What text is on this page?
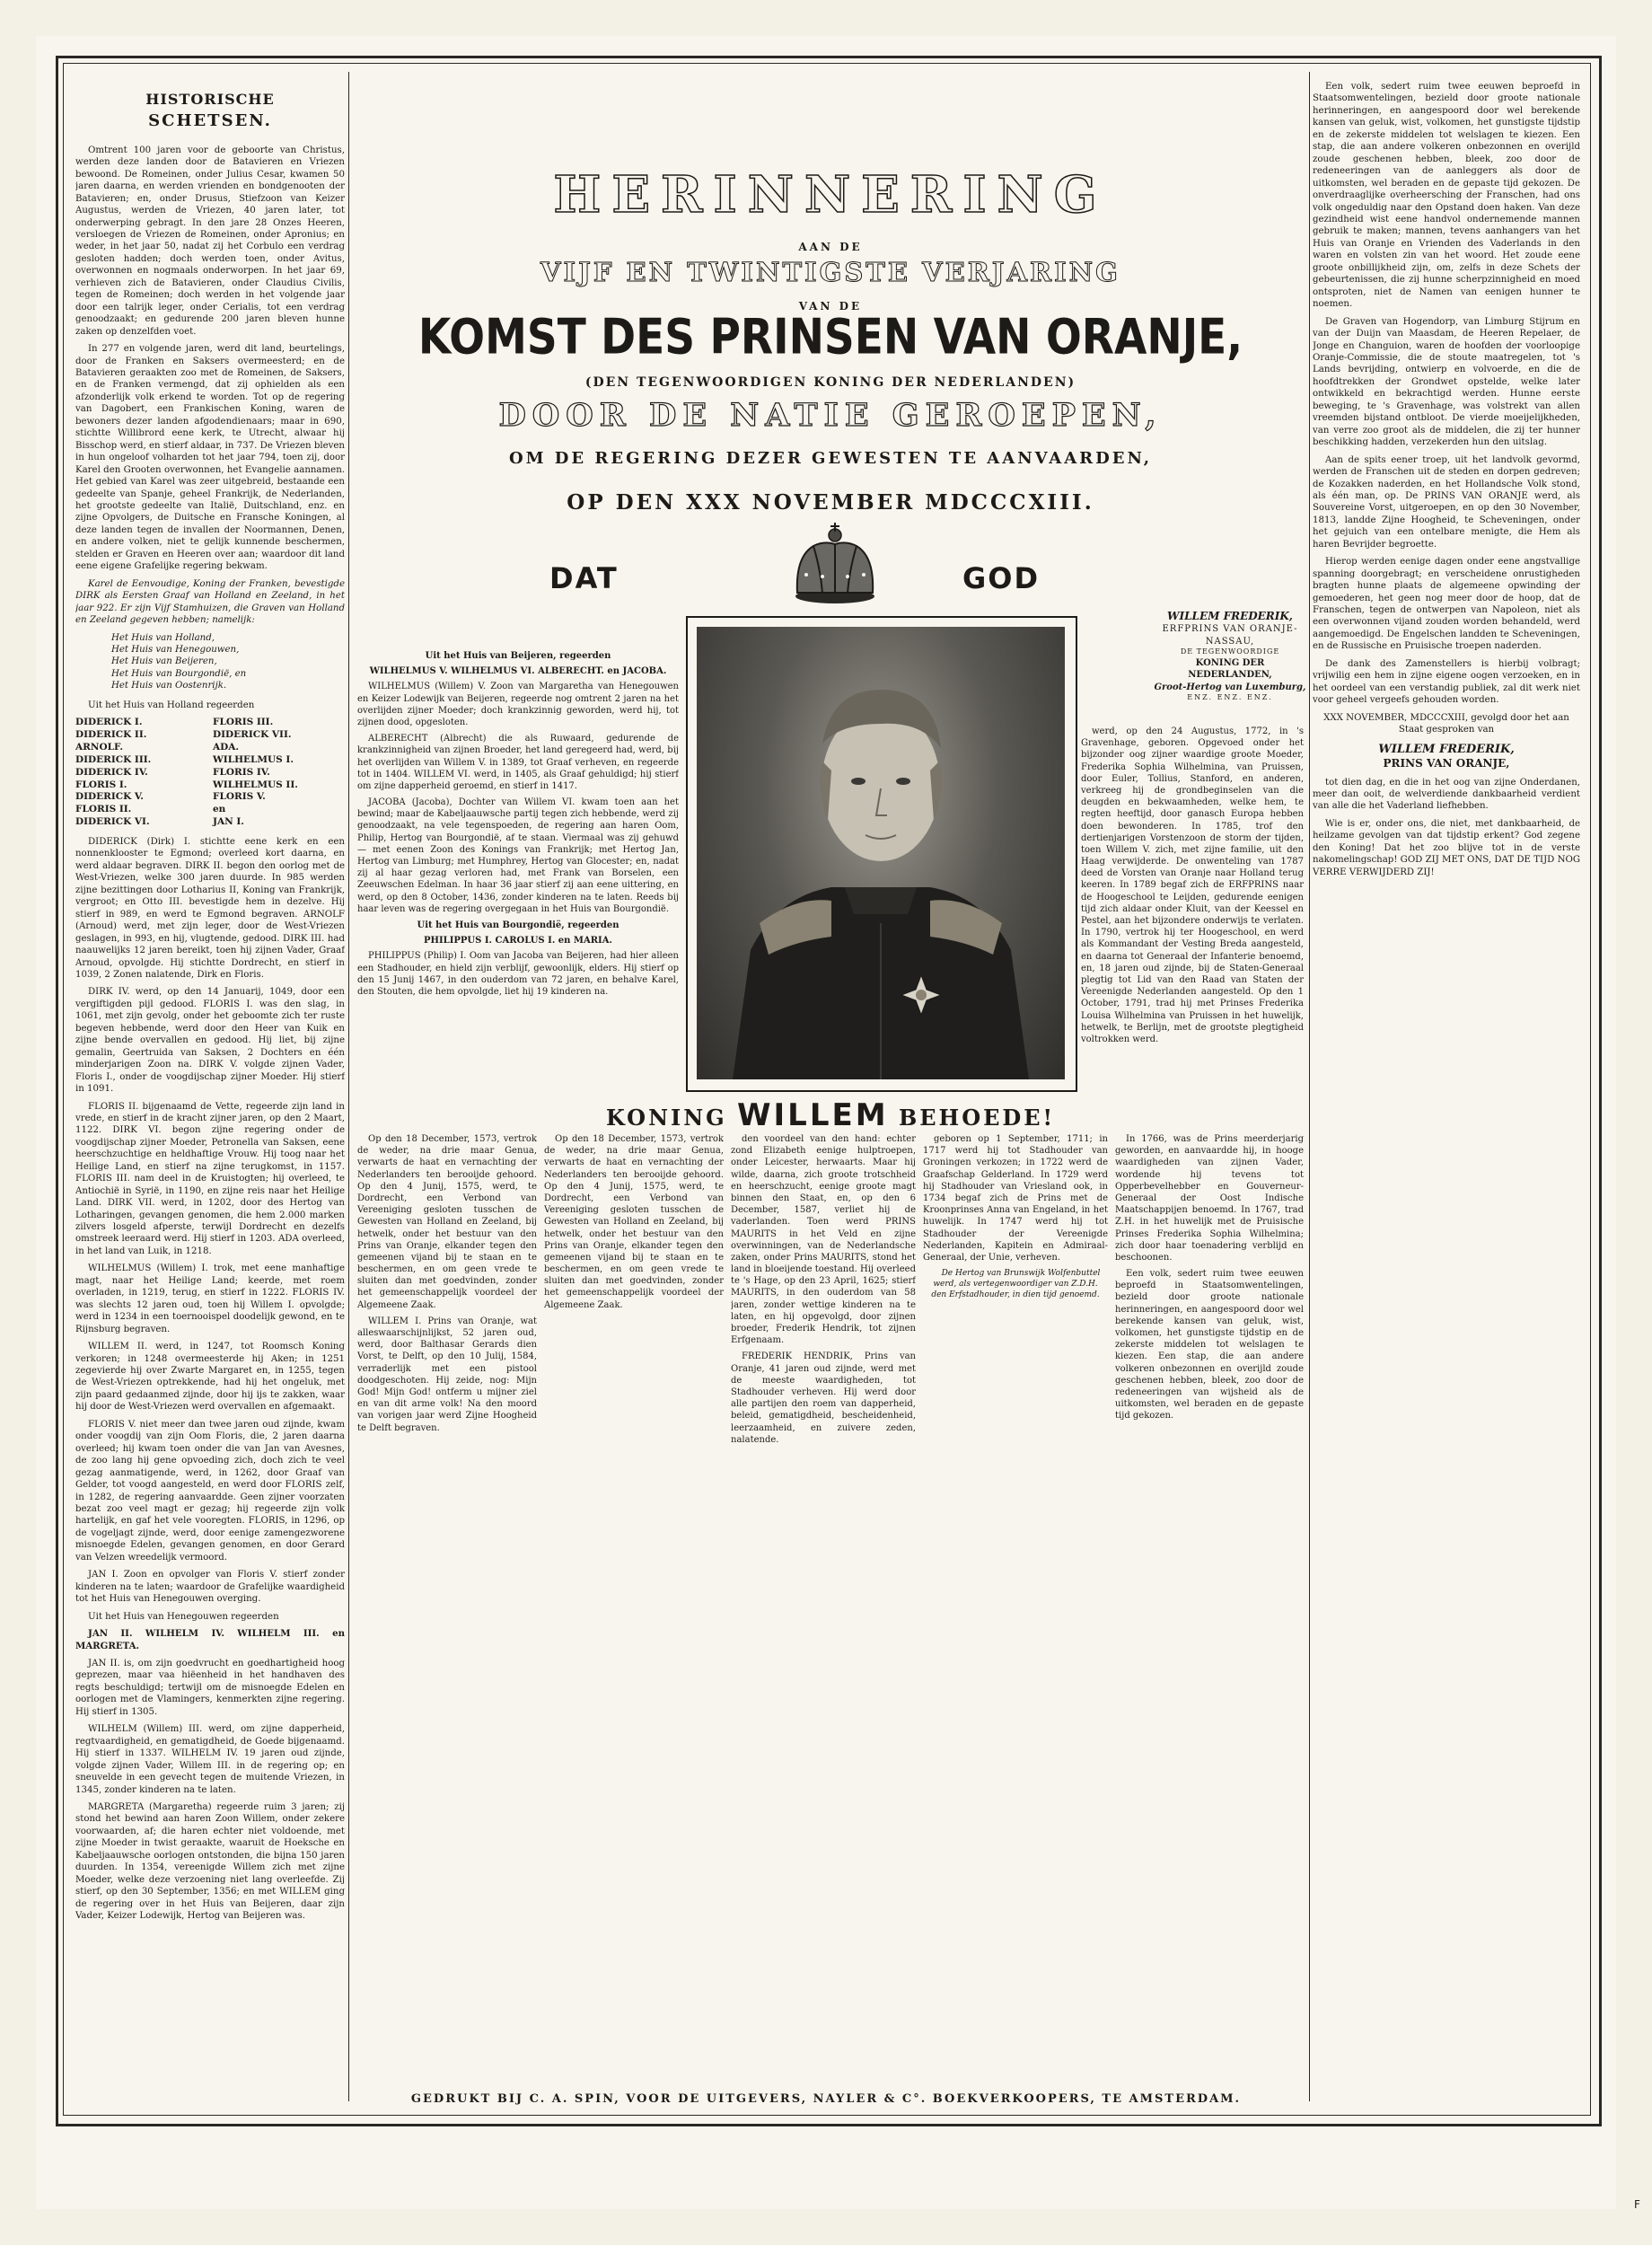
HISTORISCHE
SCHETSEN.

Omtrent 100 jaren voor de geboorte van Christus, werden deze landen door de Batavieren en Vriezen bewoond. De Romeinen, onder Julius Cesar, kwamen 50 jaren daarna, en werden vrienden en bondgenooten der Batavieren; en, onder Drusus, Stiefzoon van Keizer Augustus, werden de Vriezen, 40 jaren later, tot onderwerping gebragt. In den jare 28 Onzes Heeren, versloegen de Vriezen de Romeinen, onder Apronius; en weder, in het jaar 50, nadat zij het Corbulo een verdrag gesloten hadden; doch werden toen, onder Avitus, overwonnen en nogmaals onderworpen. In het jaar 69, verhieven zich de Batavieren, onder Claudius Civilis, tegen de Romeinen; doch werden in het volgende jaar door een talrijk leger, onder Cerialis, tot een verdrag genoodzaakt; en gedurende 200 jaren bleven hunne zaken op denzelfden voet.

In 277 en volgende jaren, werd dit land, beurtelings, door de Franken en Saksers overmeesterd; en de Batavieren geraakten zoo met de Romeinen, de Saksers, en de Franken vermengd, dat zij ophielden als een afzonderlijk volk erkend te worden. Tot op de regering van Dagobert, een Frankischen Koning, waren de bewoners dezer landen afgodendienaars; maar in 690, stichtte Willibrord eene kerk, te Utrecht, alwaar hij Bisschop werd, en stierf aldaar, in 737. De Vriezen bleven in hun ongeloof volharden tot het jaar 794, toen zij, door Karel den Grooten overwonnen, het Evangelie aannamen. Het gebied van Karel was zeer uitgebreid, bestaande een gedeelte van Spanje, geheel Frankrijk, de Nederlanden, het grootste gedeelte van Italië, Duitschland, enz. en zijne Opvolgers, de Duitsche en Fransche Koningen, al deze landen tegen de invallen der Noormannen, Denen, en andere volken, niet te gelijk kunnende beschermen, stelden er Graven en Heeren over aan; waardoor dit land eene eigene Grafelijke regering bekwam.

Karel de Eenvoudige, Koning der Franken, bevestigde DIRK als Eersten Graaf van Holland en Zeeland, in het jaar 922. Er zijn Vijf Stamhuizen, die Graven van Holland en Zeeland gegeven hebben; namelijk:

Het Huis van Holland,
Het Huis van Henegouwen,
Het Huis van Beijeren,
Het Huis van Bourgondië, en
Het Huis van Oostenrijk.

Uit het Huis van Holland regeerden

DIDERICK I.	FLORIS III.
DIDERICK II.	DIDERICK VII.
ARNOLF.	ADA.
DIDERICK III.	WILHELMUS I.
DIDERICK IV.	FLORIS IV.
FLORIS I.	WILHELMUS II.
DIDERICK V.	FLORIS V.
FLORIS II.	en
DIDERICK VI.	JAN I.

DIDERICK (Dirk) I. stichtte eene kerk en een nonnenklooster te Egmond; overleed kort daarna, en werd aldaar begraven. DIRK II. begon den oorlog met de West-Vriezen, welke 300 jaren duurde. In 985 werden zijne bezittingen door Lotharius II, Koning van Frankrijk, vergroot; en Otto III. bevestigde hem in dezelve. Hij stierf in 989, en werd te Egmond begraven. ARNOLF (Arnoud) werd, met zijn leger, door de West-Vriezen geslagen, in 993, en hij, vlugtende, gedood. DIRK III. had naauwelijks 12 jaren bereikt, toen hij zijnen Vader, Graaf Arnoud, opvolgde. Hij stichtte Dordrecht, en stierf in 1039, 2 Zonen nalatende, Dirk en Floris.

DIRK IV. werd, op den 14 Januarij, 1049, door een vergiftigden pijl gedood. FLORIS I. was den slag, in 1061, met zijn gevolg, onder het geboomte zich ter ruste begeven hebbende, werd door den Heer van Kuik en zijne bende overvallen en gedood. Hij liet, bij zijne gemalin, Geertruida van Saksen, 2 Dochters en één minderjarigen Zoon na. DIRK V. volgde zijnen Vader, Floris I., onder de voogdijschap zijner Moeder. Hij stierf in 1091.

FLORIS II. bijgenaamd de Vette, regeerde zijn land in vrede, en stierf in de kracht zijner jaren, op den 2 Maart, 1122. DIRK VI. begon zijne regering onder de voogdijschap zijner Moeder, Petronella van Saksen, eene heerschzuchtige en heldhaftige Vrouw. Hij toog naar het Heilige Land, en stierf na zijne terugkomst, in 1157. FLORIS III. nam deel in de Kruistogten; hij overleed, te Antiochië in Syrië, in 1190, en zijne reis naar het Heilige Land. DIRK VII. werd, in 1202, door des Hertog van Lotharingen, gevangen genomen, die hem 2.000 marken zilvers losgeld afperste, terwijl Dordrecht en dezelfs omstreek leeraard werd. Hij stierf in 1203. ADA overleed, in het land van Luik, in 1218.

WILHELMUS (Willem) I. trok, met eene manhaftige magt, naar het Heilige Land; keerde, met roem overladen, in 1219, terug, en stierf in 1222. FLORIS IV. was slechts 12 jaren oud, toen hij Willem I. opvolgde; werd in 1234 in een toernooispel doodelijk gewond, en te Rijnsburg begraven.

WILLEM II. werd, in 1247, tot Roomsch Koning verkoren; in 1248 overmeesterde hij Aken; in 1251 zegevierde hij over Zwarte Margaret en, in 1255, tegen de West-Vriezen optrekkende, had hij het ongeluk, met zijn paard gedaanmed zijnde, door hij ijs te zakken, waar hij door de West-Vriezen werd overvallen en afgemaakt.

FLORIS V. niet meer dan twee jaren oud zijnde, kwam onder voogdij van zijn Oom Floris, die, 2 jaren daarna overleed; hij kwam toen onder die van Jan van Avesnes, de zoo lang hij gene opvoeding zich, doch zich te veel gezag aanmatigende, werd, in 1262, door Graaf van Gelder, tot voogd aangesteld, en werd door FLORIS zelf, in 1282, de regering aanvaardde. Geen zijner voorzaten bezat zoo veel magt er gezag; hij regeerde zijn volk hartelijk, en gaf het vele vooregten. FLORIS, in 1296, op de vogeljagt zijnde, werd, door eenige zamengezworene misnoegde Edelen, gevangen genomen, en door Gerard van Velzen wreedelijk vermoord.

JAN I. Zoon en opvolger van Floris V. stierf zonder kinderen na te laten; waardoor de Grafelijke waardigheid tot het Huis van Henegouwen overging.

Uit het Huis van Henegouwen regeerden

JAN II. WILHELM IV. WILHELM III. en MARGRETA.

JAN II. is, om zijn goedvrucht en goedhartigheid hoog geprezen, maar vaa hiëenheid in het handhaven des regts beschuldigd; tertwijl om de misnoegde Edelen en oorlogen met de Vlamingers, kenmerkten zijne regering. Hij stierf in 1305.

WILHELM (Willem) III. werd, om zijne dapperheid, regtvaardigheid, en gematigdheid, de Goede bijgenaamd. Hij stierf in 1337. WILHELM IV. 19 jaren oud zijnde, volgde zijnen Vader, Willem III. in de regering op; en sneuvelde in een gevecht tegen de muitende Vriezen, in 1345, zonder kinderen na te laten.

MARGRETA (Margaretha) regeerde ruim 3 jaren; zij stond het bewind aan haren Zoon Willem, onder zekere voorwaarden, af; die haren echter niet voldoende, met zijne Moeder in twist geraakte, waaruit de Hoeksche en Kabeljaauwsche oorlogen ontstonden, die bijna 150 jaren duurden. In 1354, vereenigde Willem zich met zijne Moeder, welke deze verzoening niet lang overleefde. Zij stierf, op den 30 September, 1356; en met WILLEM ging de regering over in het Huis van Beijeren, daar zijn Vader, Keizer Lodewijk, Hertog van Beijeren was.

HERINNERING
AAN DE
VIJF EN TWINTIGSTE VERJARING
VAN DE
KOMST DES PRINSEN VAN ORANJE,
(DEN TEGENWOORDIGEN KONING DER NEDERLANDEN)
DOOR DE NATIE GEROEPEN,
OM DE REGERING DEZER GEWESTEN TE AANVAARDEN,
OP DEN XXX NOVEMBER MDCCCXIII.
DAT	GOD
KONING WILLEM BEHOEDE!
WILLEM FREDERIK,
ERFPRINS VAN ORANJE-NASSAU,
DE TEGENWOORDIGE
KONING DER NEDERLANDEN,
Groot-Hertog van Luxemburg,
ENZ. ENZ. ENZ.

Uit het Huis van Beijeren, regeerden

WILHELMUS V. WILHELMUS VI. ALBERECHT. en JACOBA.

WILHELMUS (Willem) V. Zoon van Margaretha van Henegouwen en Keizer Lodewijk van Beijeren, regeerde nog omtrent 2 jaren na het overlijden zijner Moeder; doch krankzinnig geworden, werd hij, tot zijnen dood, opgesloten.

ALBERECHT (Albrecht) die als Ruwaard, gedurende de krankzinnigheid van zijnen Broeder, het land geregeerd had, werd, bij het overlijden van Willem V. in 1389, tot Graaf verheven, en regeerde tot in 1404. WILLEM VI. werd, in 1405, als Graaf gehuldigd; hij stierf om zijne dapperheid geroemd, en stierf in 1417.

JACOBA (Jacoba), Dochter van Willem VI. kwam toen aan het bewind; maar de Kabeljaauwsche partij tegen zich hebbende, werd zij genoodzaakt, na vele tegenspoeden, de regering aan haren Oom, Philip, Hertog van Bourgondië, af te staan. Viermaal was zij gehuwd — met eenen Zoon des Konings van Frankrijk; met Hertog Jan, Hertog van Limburg; met Humphrey, Hertog van Glocester; en, nadat zij al haar gezag verloren had, met Frank van Borselen, een Zeeuwschen Edelman. In haar 36 jaar stierf zij aan eene uittering, en werd, op den 8 October, 1436, zonder kinderen na te laten. Reeds bij haar leven was de regering overgegaan in het Huis van Bourgondië.

Uit het Huis van Bourgondië, regeerden

PHILIPPUS I. CAROLUS I. en MARIA.

PHILIPPUS (Philip) I. Oom van Jacoba van Beijeren, had hier alleen een Stadhouder, en hield zijn verblijf, gewoonlijk, elders. Hij stierf op den 15 Junij 1467, in den ouderdom van 72 jaren, en behalve Karel, den Stouten, die hem opvolgde, liet hij 19 kinderen na.

werd, op den 24 Augustus, 1772, in 's Gravenhage, geboren. Opgevoed onder het bijzonder oog zijner waardige groote Moeder, Frederika Sophia Wilhelmina, van Pruissen, door Euler, Tollius, Stanford, en anderen, verkreeg hij de grondbeginselen van die deugden en bekwaamheden, welke hem, te regten heeftijd, door ganasch Europa hebben doen bewonderen. In 1785, trof den dertienjarigen Vorstenzoon de storm der tijden, toen Willem V. zich, met zijne familie, uit den Haag verwijderde. De onwenteling van 1787 deed de Vorsten van Oranje naar Holland terug keeren. In 1789 begaf zich de ERFPRINS naar de Hoogeschool te Leijden, gedurende eenigen tijd zich aldaar onder Kluit, van der Keessel en Pestel, aan het bijzondere onderwijs te verlaten. In 1790, vertrok hij ter Hoogeschool, en werd als Kommandant der Vesting Breda aangesteld, en daarna tot Generaal der Infanterie benoemd, en, 18 jaren oud zijnde, bij de Staten-Generaal plegtig tot Lid van den Raad van Staten der Vereenigde Nederlanden aangesteld. Op den 1 October, 1791, trad hij met Prinses Frederika Louisa Wilhelmina van Pruissen in het huwelijk, hetwelk, te Berlijn, met de grootste plegtigheid voltrokken werd.

Op den 18 December, 1573, vertrok de weder, na drie maar Genua, verwarts de haat en vernachting der Nederlanders ten berooijde gehoord. Op den 4 Junij, 1575, werd, te Dordrecht, een Verbond van Vereeniging gesloten tusschen de Gewesten van Holland en Zeeland, bij hetwelk, onder het bestuur van den Prins van Oranje, elkander tegen den gemeenen vijand bij te staan en te beschermen, en om geen vrede te sluiten dan met goedvinden, zonder het gemeenschappelijk voordeel der Algemeene Zaak.

WILLEM I. Prins van Oranje, wat alleswaarschijnlijkst, 52 jaren oud, werd, door Balthasar Gerards dien Vorst, te Delft, op den 10 Julij, 1584, verraderlijk met een pistool doodgeschoten. Hij zeide, nog: Mijn God! Mijn God! ontferm u mijner ziel en van dit arme volk! Na den moord van vorigen jaar werd Zijne Hoogheid te Delft begraven.

Op den 18 December, 1573, vertrok de weder, na drie maar Genua, verwarts de haat en vernachting der Nederlanders ten berooijde gehoord. Op den 4 Junij, 1575, werd, te Dordrecht, een Verbond van Vereeniging gesloten tusschen de Gewesten van Holland en Zeeland, bij hetwelk, onder het bestuur van den Prins van Oranje, elkander tegen den gemeenen vijand bij te staan en te beschermen, en om geen vrede te sluiten dan met goedvinden, zonder het gemeenschappelijk voordeel der Algemeene Zaak.

den voordeel van den hand: echter zond Elizabeth eenige hulptroepen, onder Leicester, herwaarts. Maar hij wilde, daarna, zich groote trotschheid en heerschzucht, eenige groote magt binnen den Staat, en, op den 6 December, 1587, verliet hij de vaderlanden. Toen werd PRINS MAURITS in het Veld en zijne overwinningen, van de Nederlandsche zaken, onder Prins MAURITS, stond het land in bloeijende toestand. Hij overleed te 's Hage, op den 23 April, 1625; stierf MAURITS, in den ouderdom van 58 jaren, zonder wettige kinderen na te laten, en hij opgevolgd, door zijnen broeder, Frederik Hendrik, tot zijnen Erfgenaam.

FREDERIK HENDRIK, Prins van Oranje, 41 jaren oud zijnde, werd met de meeste waardigheden, tot Stadhouder verheven. Hij werd door alle partijen den roem van dapperheid, beleid, gematigdheid, bescheidenheid, leerzaamheid, en zuivere zeden, nalatende.

geboren op 1 September, 1711; in 1717 werd hij tot Stadhouder van Groningen verkozen; in 1722 werd de Graafschap Gelderland. In 1729 werd hij Stadhouder van Vriesland ook, in 1734 begaf zich de Prins met de Kroonprinses Anna van Engeland, in het huwelijk. In 1747 werd hij tot Stadhouder der Vereenigde Nederlanden, Kapitein en Admiraal-Generaal, der Unie, verheven.

De Hertog van Brunswijk Wolfenbuttel werd, als vertegenwoordiger van Z.D.H. den Erfstadhouder, in dien tijd genoemd.

In 1766, was de Prins meerderjarig geworden, en aanvaardde hij, in hooge waardigheden van zijnen Vader, wordende hij tevens tot Opperbevelhebber en Gouverneur-Generaal der Oost Indische Maatschappijen benoemd. In 1767, trad Z.H. in het huwelijk met de Pruisische Prinses Frederika Sophia Wilhelmina; zich door haar toenadering verblijd en beschoonen.

Een volk, sedert ruim twee eeuwen beproefd in Staatsomwentelingen, bezield door groote nationale herinneringen, en aangespoord door wel berekende kansen van geluk, wist, volkomen, het gunstigste tijdstip en de zekerste middelen tot welslagen te kiezen. Een stap, die aan andere volkeren onbezonnen en overijld zoude geschenen hebben, bleek, zoo door de redeneeringen van wijsheid als de uitkomsten, wel beraden en de gepaste tijd gekozen.

Een volk, sedert ruim twee eeuwen beproefd in Staatsomwentelingen, bezield door groote nationale herinneringen, en aangespoord door wel berekende kansen van geluk, wist, volkomen, het gunstigste tijdstip en de zekerste middelen tot welslagen te kiezen. Een stap, die aan andere volkeren onbezonnen en overijld zoude geschenen hebben, bleek, zoo door de redeneeringen van de aanleggers als door de uitkomsten, wel beraden en de gepaste tijd gekozen. De onverdraaglijke overheersching der Franschen, had ons volk ongeduldig naar den Opstand doen haken. Van deze gezindheid wist eene handvol ondernemende mannen gebruik te maken; mannen, tevens aanhangers van het Huis van Oranje en Vrienden des Vaderlands in den waren en volsten zin van het woord. Het zoude eene groote onbillijkheid zijn, om, zelfs in deze Schets der gebeurtenissen, die zij hunne scherpzinnigheid en moed ontsproten, niet de Namen van eenigen hunner te noemen.

De Graven van Hogendorp, van Limburg Stijrum en van der Duijn van Maasdam, de Heeren Repelaer, de Jonge en Changuion, waren de hoofden der voorloopige Oranje-Commissie, die de stoute maatregelen, tot 's Lands bevrijding, ontwierp en volvoerde, en die de hoofdtrekken der Grondwet opstelde, welke later ontwikkeld en bekrachtigd werden. Hunne eerste beweging, te 's Gravenhage, was volstrekt van allen vreemden bijstand ontbloot. De vierde moeijelijkheden, van verre zoo groot als de middelen, die zij ter hunner beschikking hadden, verzekerden hun den uitslag.

Aan de spits eener troep, uit het landvolk gevormd, werden de Franschen uit de steden en dorpen gedreven; de Kozakken naderden, en het Hollandsche Volk stond, als één man, op. De PRINS VAN ORANJE werd, als Souvereine Vorst, uitgeroepen, en op den 30 November, 1813, landde Zijne Hoogheid, te Scheveningen, onder het gejuich van een ontelbare menigte, die Hem als haren Bevrijder begroette.

Hierop werden eenige dagen onder eene angstvallige spanning doorgebragt; en verscheidene onrustigheden bragten hunne plaats de algemeene opwinding der gemoederen, het geen nog meer door de hoop, dat de Franschen, tegen de ontwerpen van Napoleon, niet als een overwonnen vijand zouden worden behandeld, werd aangemoedigd. De Engelschen landden te Scheveningen, en de Russische en Pruisische troepen naderden.

De dank des Zamenstellers is hierbij volbragt; vrijwilig een hem in zijne eigene oogen verzoeken, en in het oordeel van een verstandig publiek, zal dit werk niet voor geheel vergeefs gehouden worden.

XXX NOVEMBER, MDCCCXIII, gevolgd door het aan Staat gesproken van

WILLEM FREDERIK,
PRINS VAN ORANJE,

tot dien dag, en die in het oog van zijne Onderdanen, meer dan ooit, de welverdiende dankbaarheid verdient van alle die het Vaderland liefhebben.

Wie is er, onder ons, die niet, met dankbaarheid, de heilzame gevolgen van dat tijdstip erkent? God zegene den Koning! Dat het zoo blijve tot in de verste nakomelingschap! GOD ZIJ MET ONS, DAT DE TIJD NOG VERRE VERWIJDERD ZIJ!

GEDRUKT BIJ C. A. SPIN, VOOR DE UITGEVERS, NAYLER & C°. BOEKVERKOOPERS, TE AMSTERDAM.
F
